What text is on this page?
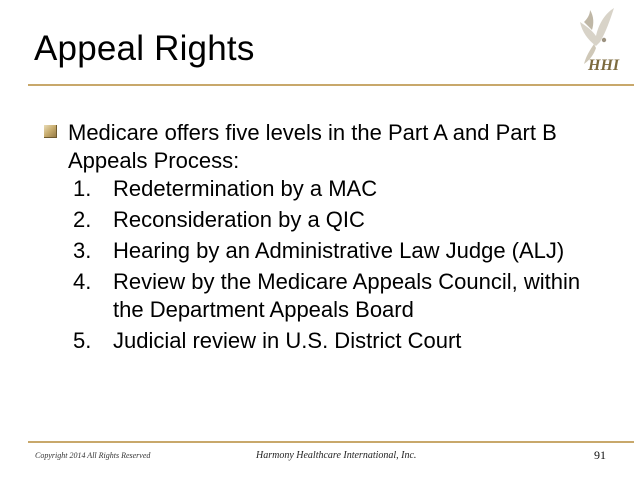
Appeal Rights	HHI
Medicare offers five levels in the Part A and Part B Appeals Process:
1. Redetermination by a MAC
2. Reconsideration by a QIC
3. Hearing by an Administrative Law Judge (ALJ)
4. Review by the Medicare Appeals Council, within the Department Appeals Board
5. Judicial review in U.S. District Court
Copyright 2014 All Rights Reserved	Harmony Healthcare International, Inc.	91
